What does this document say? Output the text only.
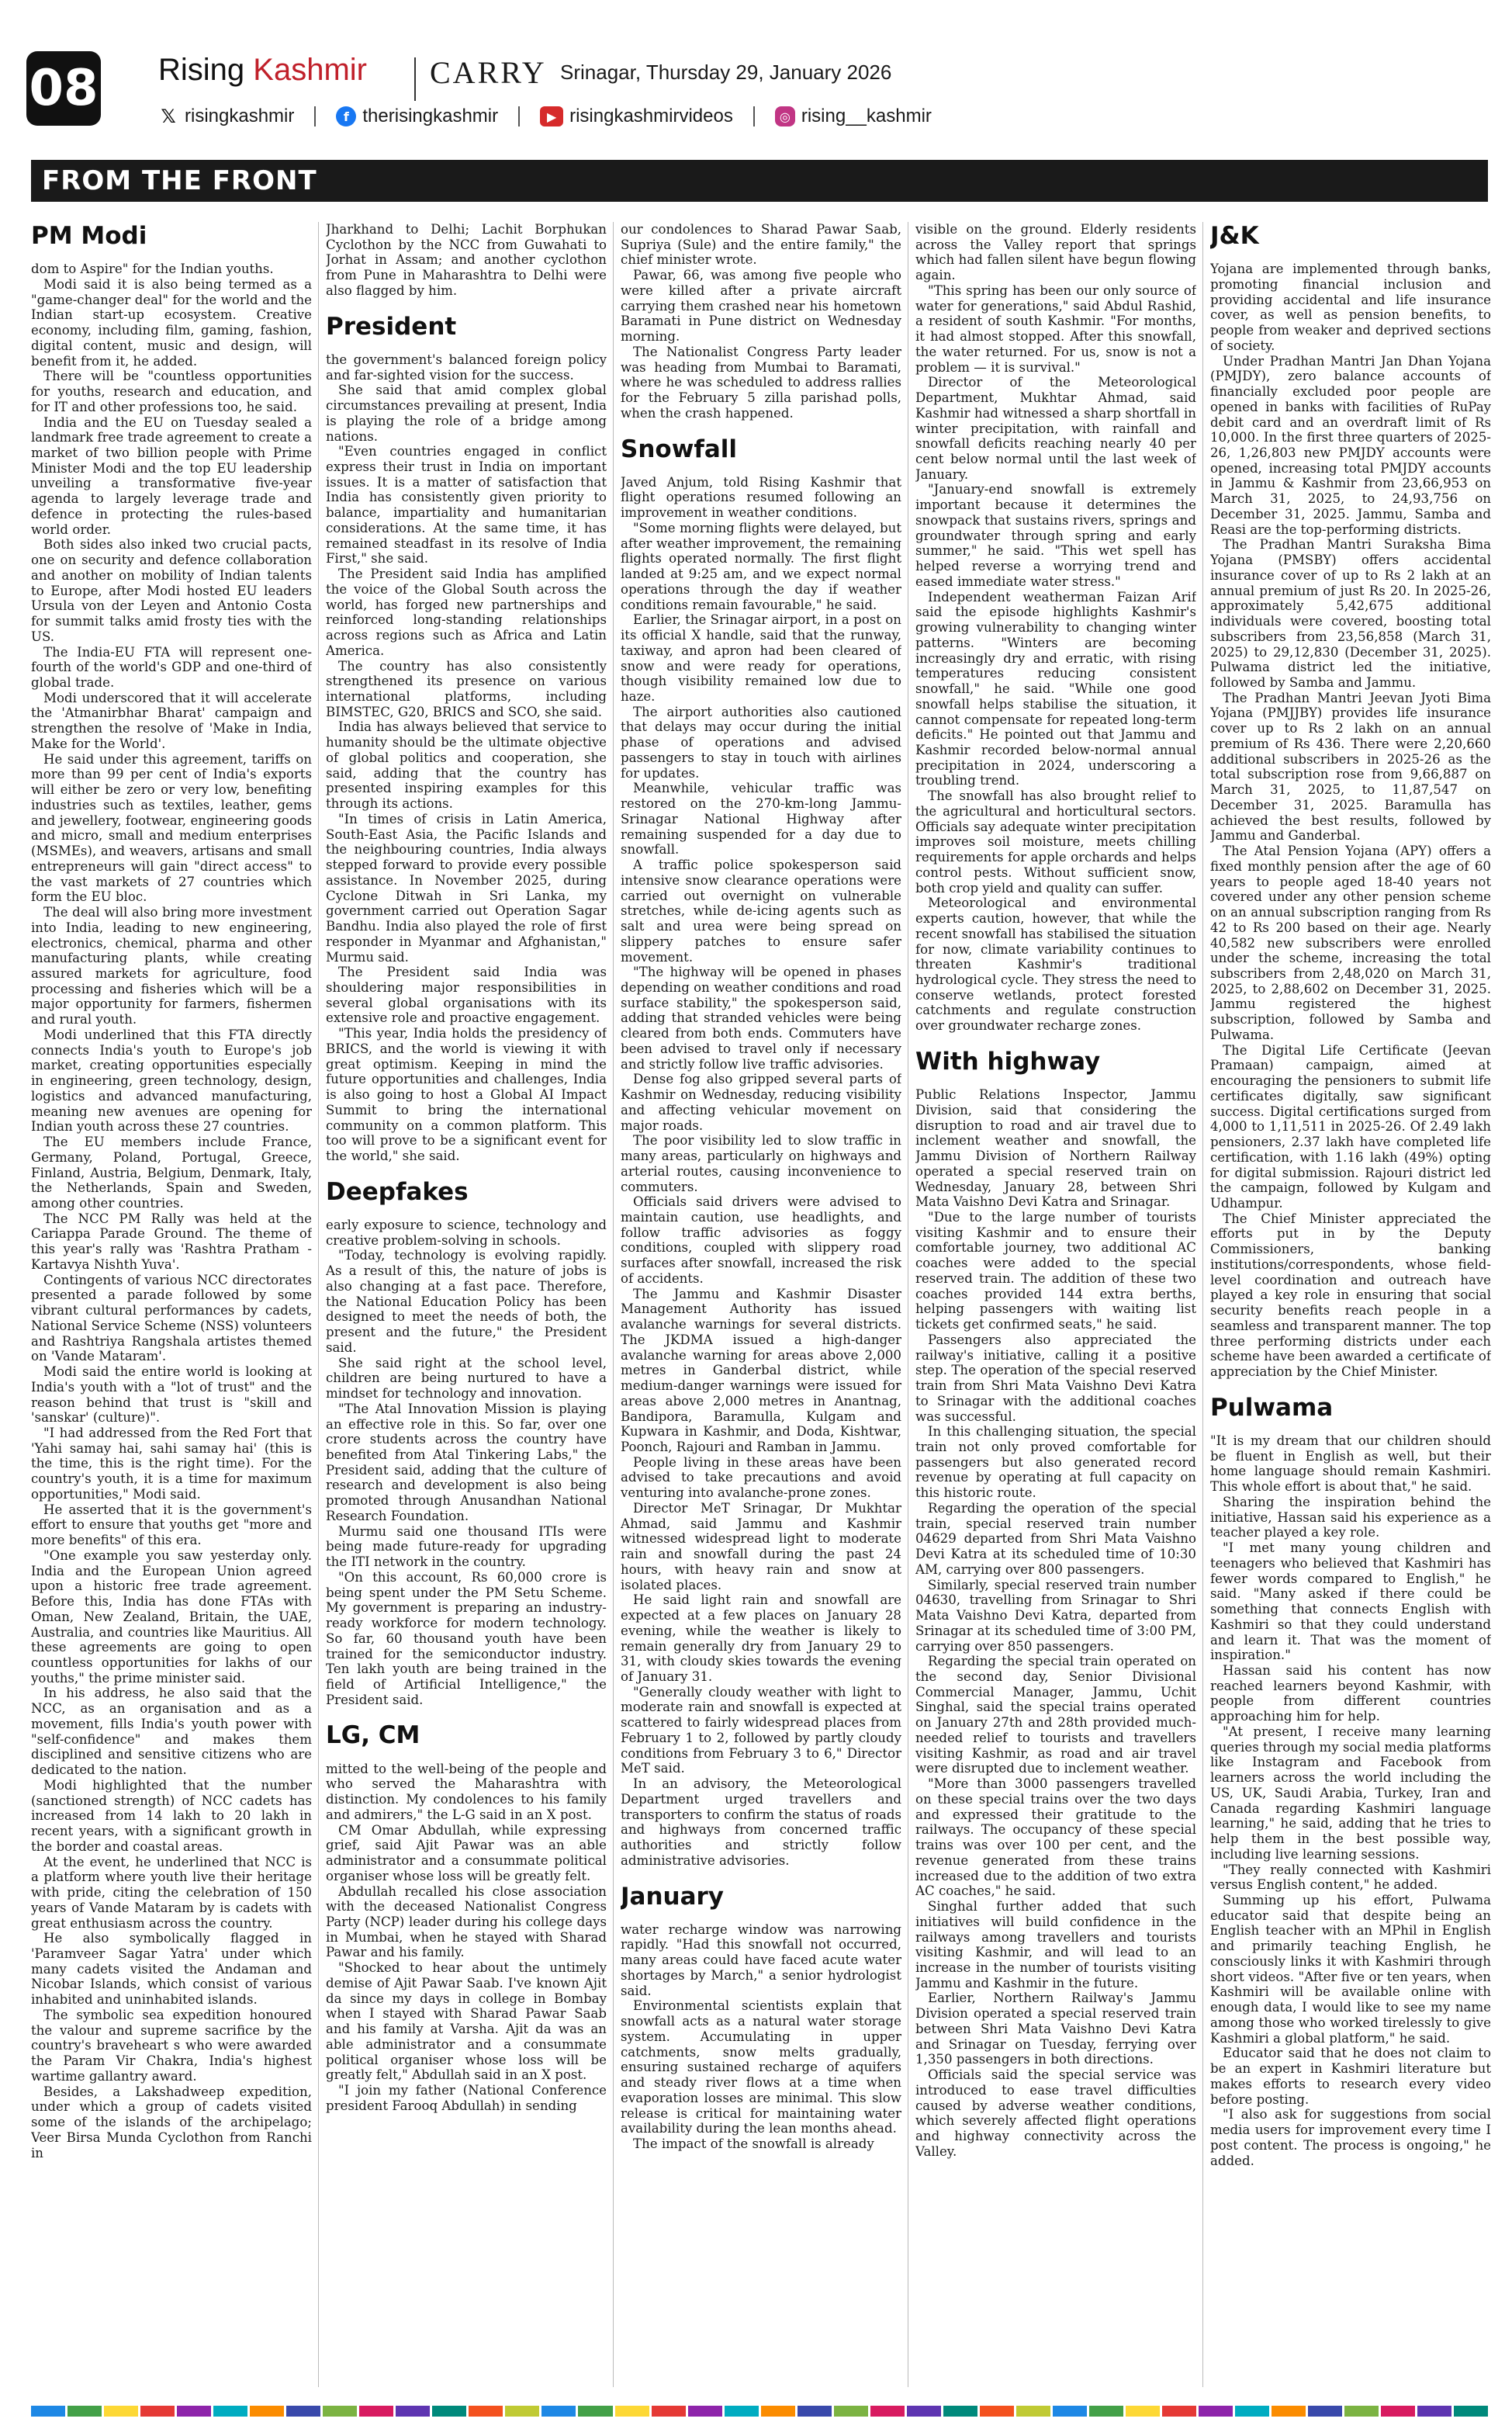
08 Rising Kashmir CARRY Srinagar, Thursday 29, January 2026
𝕏 risingkashmir	f therisingkashmir	▶ risingkashmirvideos	◎ rising__kashmir
FROM THE FRONT
PM Modi

dom to Aspire" for the Indian youths.

Modi said it is also being termed as a "game-changer deal" for the world and the Indian start-up ecosystem. Creative economy, including film, gaming, fashion, digital content, music and design, will benefit from it, he added.

There will be "countless opportunities for youths, research and education, and for IT and other professions too, he said.

India and the EU on Tuesday sealed a landmark free trade agreement to create a market of two billion people with Prime Minister Modi and the top EU leadership unveiling a transformative five-year agenda to largely leverage trade and defence in protecting the rules-based world order.

Both sides also inked two crucial pacts, one on security and defence collaboration and another on mobility of Indian talents to Europe, after Modi hosted EU leaders Ursula von der Leyen and Antonio Costa for summit talks amid frosty ties with the US.

The India-EU FTA will represent one-fourth of the world's GDP and one-third of global trade.

Modi underscored that it will accelerate the 'Atmanirbhar Bharat' campaign and strengthen the resolve of 'Make in India, Make for the World'.

He said under this agreement, tariffs on more than 99 per cent of India's exports will either be zero or very low, benefiting industries such as textiles, leather, gems and jewellery, footwear, engineering goods and micro, small and medium enterprises (MSMEs), and weavers, artisans and small entrepreneurs will gain "direct access" to the vast markets of 27 countries which form the EU bloc.

The deal will also bring more investment into India, leading to new engineering, electronics, chemical, pharma and other manufacturing plants, while creating assured markets for agriculture, food processing and fisheries which will be a major opportunity for farmers, fishermen and rural youth.

Modi underlined that this FTA directly connects India's youth to Europe's job market, creating opportunities especially in engineering, green technology, design, logistics and advanced manufacturing, meaning new avenues are opening for Indian youth across these 27 countries.

The EU members include France, Germany, Poland, Portugal, Greece, Finland, Austria, Belgium, Denmark, Italy, the Netherlands, Spain and Sweden, among other countries.

The NCC PM Rally was held at the Cariappa Parade Ground. The theme of this year's rally was 'Rashtra Pratham - Kartavya Nishth Yuva'.

Contingents of various NCC directorates presented a parade followed by some vibrant cultural performances by cadets, National Service Scheme (NSS) volunteers and Rashtriya Rangshala artistes themed on 'Vande Mataram'.

Modi said the entire world is looking at India's youth with a "lot of trust" and the reason behind that trust is "skill and 'sanskar' (culture)".

"I had addressed from the Red Fort that 'Yahi samay hai, sahi samay hai' (this is the time, this is the right time). For the country's youth, it is a time for maximum opportunities," Modi said.

He asserted that it is the government's effort to ensure that youths get "more and more benefits" of this era.

"One example you saw yesterday only. India and the European Union agreed upon a historic free trade agreement. Before this, India has done FTAs with Oman, New Zealand, Britain, the UAE, Australia, and countries like Mauritius. All these agreements are going to open countless opportunities for lakhs of our youths," the prime minister said.

In his address, he also said that the NCC, as an organisation and as a movement, fills India's youth power with "self-confidence" and makes them disciplined and sensitive citizens who are dedicated to the nation.

Modi highlighted that the number (sanctioned strength) of NCC cadets has increased from 14 lakh to 20 lakh in recent years, with a significant growth in the border and coastal areas.

At the event, he underlined that NCC is a platform where youth live their heritage with pride, citing the celebration of 150 years of Vande Mataram by is cadets with great enthusiasm across the country.

He also symbolically flagged in 'Paramveer Sagar Yatra' under which many cadets visited the Andaman and Nicobar Islands, which consist of various inhabited and uninhabited islands.

The symbolic sea expedition honoured the valour and supreme sacrifice by the country's braveheart s who were awarded the Param Vir Chakra, India's highest wartime gallantry award.

Besides, a Lakshadweep expedition, under which a group of cadets visited some of the islands of the archipelago; Veer Birsa Munda Cyclothon from Ranchi in

Jharkhand to Delhi; Lachit Borphukan Cyclothon by the NCC from Guwahati to Jorhat in Assam; and another cyclothon from Pune in Maharashtra to Delhi were also flagged by him.

President

the government's balanced foreign policy and far-sighted vision for the success.

She said that amid complex global circumstances prevailing at present, India is playing the role of a bridge among nations.

"Even countries engaged in conflict express their trust in India on important issues. It is a matter of satisfaction that India has consistently given priority to balance, impartiality and humanitarian considerations. At the same time, it has remained steadfast in its resolve of India First," she said.

The President said India has amplified the voice of the Global South across the world, has forged new partnerships and reinforced long-standing relationships across regions such as Africa and Latin America.

The country has also consistently strengthened its presence on various international platforms, including BIMSTEC, G20, BRICS and SCO, she said.

India has always believed that service to humanity should be the ultimate objective of global politics and cooperation, she said, adding that the country has presented inspiring examples for this through its actions.

"In times of crisis in Latin America, South-East Asia, the Pacific Islands and the neighbouring countries, India always stepped forward to provide every possible assistance. In November 2025, during Cyclone Ditwah in Sri Lanka, my government carried out Operation Sagar Bandhu. India also played the role of first responder in Myanmar and Afghanistan," Murmu said.

The President said India was shouldering major responsibilities in several global organisations with its extensive role and proactive engagement.

"This year, India holds the presidency of BRICS, and the world is viewing it with great optimism. Keeping in mind the future opportunities and challenges, India is also going to host a Global AI Impact Summit to bring the international community on a common platform. This too will prove to be a significant event for the world," she said.

Deepfakes

early exposure to science, technology and creative problem-solving in schools.

"Today, technology is evolving rapidly. As a result of this, the nature of jobs is also changing at a fast pace. Therefore, the National Education Policy has been designed to meet the needs of both, the present and the future," the President said.

She said right at the school level, children are being nurtured to have a mindset for technology and innovation.

"The Atal Innovation Mission is playing an effective role in this. So far, over one crore students across the country have benefited from Atal Tinkering Labs," the President said, adding that the culture of research and development is also being promoted through Anusandhan National Research Foundation.

Murmu said one thousand ITIs were being made future-ready for upgrading the ITI network in the country.

"On this account, Rs 60,000 crore is being spent under the PM Setu Scheme. My government is preparing an industry-ready workforce for modern technology. So far, 60 thousand youth have been trained for the semiconductor industry. Ten lakh youth are being trained in the field of Artificial Intelligence," the President said.

LG, CM

mitted to the well-being of the people and who served the Maharashtra with distinction. My condolences to his family and admirers," the L-G said in an X post.

CM Omar Abdullah, while expressing grief, said Ajit Pawar was an able administrator and a consummate political organiser whose loss will be greatly felt.

Abdullah recalled his close association with the deceased Nationalist Congress Party (NCP) leader during his college days in Mumbai, when he stayed with Sharad Pawar and his family.

"Shocked to hear about the untimely demise of Ajit Pawar Saab. I've known Ajit da since my days in college in Bombay when I stayed with Sharad Pawar Saab and his family at Varsha. Ajit da was an able administrator and a consummate political organiser whose loss will be greatly felt," Abdullah said in an X post.

"I join my father (National Conference president Farooq Abdullah) in sending

our condolences to Sharad Pawar Saab, Supriya (Sule) and the entire family," the chief minister wrote.

Pawar, 66, was among five people who were killed after a private aircraft carrying them crashed near his hometown Baramati in Pune district on Wednesday morning.

The Nationalist Congress Party leader was heading from Mumbai to Baramati, where he was scheduled to address rallies for the February 5 zilla parishad polls, when the crash happened.

Snowfall

Javed Anjum, told Rising Kashmir that flight operations resumed following an improvement in weather conditions.

"Some morning flights were delayed, but after weather improvement, the remaining flights operated normally. The first flight landed at 9:25 am, and we expect normal operations through the day if weather conditions remain favourable," he said.

Earlier, the Srinagar airport, in a post on its official X handle, said that the runway, taxiway, and apron had been cleared of snow and were ready for operations, though visibility remained low due to haze.

The airport authorities also cautioned that delays may occur during the initial phase of operations and advised passengers to stay in touch with airlines for updates.

Meanwhile, vehicular traffic was restored on the 270-km-long Jammu-Srinagar National Highway after remaining suspended for a day due to snowfall.

A traffic police spokesperson said intensive snow clearance operations were carried out overnight on vulnerable stretches, while de-icing agents such as salt and urea were being spread on slippery patches to ensure safer movement.

"The highway will be opened in phases depending on weather conditions and road surface stability," the spokesperson said, adding that stranded vehicles were being cleared from both ends. Commuters have been advised to travel only if necessary and strictly follow live traffic advisories.

Dense fog also gripped several parts of Kashmir on Wednesday, reducing visibility and affecting vehicular movement on major roads.

The poor visibility led to slow traffic in many areas, particularly on highways and arterial routes, causing inconvenience to commuters.

Officials said drivers were advised to maintain caution, use headlights, and follow traffic advisories as foggy conditions, coupled with slippery road surfaces after snowfall, increased the risk of accidents.

The Jammu and Kashmir Disaster Management Authority has issued avalanche warnings for several districts. The JKDMA issued a high-danger avalanche warning for areas above 2,000 metres in Ganderbal district, while medium-danger warnings were issued for areas above 2,000 metres in Anantnag, Bandipora, Baramulla, Kulgam and Kupwara in Kashmir, and Doda, Kishtwar, Poonch, Rajouri and Ramban in Jammu.

People living in these areas have been advised to take precautions and avoid venturing into avalanche-prone zones.

Director MeT Srinagar, Dr Mukhtar Ahmad, said Jammu and Kashmir witnessed widespread light to moderate rain and snowfall during the past 24 hours, with heavy rain and snow at isolated places.

He said light rain and snowfall are expected at a few places on January 28 evening, while the weather is likely to remain generally dry from January 29 to 31, with cloudy skies towards the evening of January 31.

"Generally cloudy weather with light to moderate rain and snowfall is expected at scattered to fairly widespread places from February 1 to 2, followed by partly cloudy conditions from February 3 to 6," Director MeT said.

In an advisory, the Meteorological Department urged travellers and transporters to confirm the status of roads and highways from concerned traffic authorities and strictly follow administrative advisories.

January

water recharge window was narrowing rapidly. "Had this snowfall not occurred, many areas could have faced acute water shortages by March," a senior hydrologist said.

Environmental scientists explain that snowfall acts as a natural water storage system. Accumulating in upper catchments, snow melts gradually, ensuring sustained recharge of aquifers and steady river flows at a time when evaporation losses are minimal. This slow release is critical for maintaining water availability during the lean months ahead.

The impact of the snowfall is already

visible on the ground. Elderly residents across the Valley report that springs which had fallen silent have begun flowing again.

"This spring has been our only source of water for generations," said Abdul Rashid, a resident of south Kashmir. "For months, it had almost stopped. After this snowfall, the water returned. For us, snow is not a problem — it is survival."

Director of the Meteorological Department, Mukhtar Ahmad, said Kashmir had witnessed a sharp shortfall in winter precipitation, with rainfall and snowfall deficits reaching nearly 40 per cent below normal until the last week of January.

"January-end snowfall is extremely important because it determines the snowpack that sustains rivers, springs and groundwater through spring and early summer," he said. "This wet spell has helped reverse a worrying trend and eased immediate water stress."

Independent weatherman Faizan Arif said the episode highlights Kashmir's growing vulnerability to changing winter patterns. "Winters are becoming increasingly dry and erratic, with rising temperatures reducing consistent snowfall," he said. "While one good snowfall helps stabilise the situation, it cannot compensate for repeated long-term deficits." He pointed out that Jammu and Kashmir recorded below-normal annual precipitation in 2024, underscoring a troubling trend.

The snowfall has also brought relief to the agricultural and horticultural sectors. Officials say adequate winter precipitation improves soil moisture, meets chilling requirements for apple orchards and helps control pests. Without sufficient snow, both crop yield and quality can suffer.

Meteorological and environmental experts caution, however, that while the recent snowfall has stabilised the situation for now, climate variability continues to threaten Kashmir's traditional hydrological cycle. They stress the need to conserve wetlands, protect forested catchments and regulate construction over groundwater recharge zones.

With highway

Public Relations Inspector, Jammu Division, said that considering the disruption to road and air travel due to inclement weather and snowfall, the Jammu Division of Northern Railway operated a special reserved train on Wednesday, January 28, between Shri Mata Vaishno Devi Katra and Srinagar.

"Due to the large number of tourists visiting Kashmir and to ensure their comfortable journey, two additional AC coaches were added to the special reserved train. The addition of these two coaches provided 144 extra berths, helping passengers with waiting list tickets get confirmed seats," he said.

Passengers also appreciated the railway's initiative, calling it a positive step. The operation of the special reserved train from Shri Mata Vaishno Devi Katra to Srinagar with the additional coaches was successful.

In this challenging situation, the special train not only proved comfortable for passengers but also generated record revenue by operating at full capacity on this historic route.

Regarding the operation of the special train, special reserved train number 04629 departed from Shri Mata Vaishno Devi Katra at its scheduled time of 10:30 AM, carrying over 800 passengers.

Similarly, special reserved train number 04630, travelling from Srinagar to Shri Mata Vaishno Devi Katra, departed from Srinagar at its scheduled time of 3:00 PM, carrying over 850 passengers.

Regarding the special train operated on the second day, Senior Divisional Commercial Manager, Jammu, Uchit Singhal, said the special trains operated on January 27th and 28th provided much-needed relief to tourists and travellers visiting Kashmir, as road and air travel were disrupted due to inclement weather.

"More than 3000 passengers travelled on these special trains over the two days and expressed their gratitude to the railways. The occupancy of these special trains was over 100 per cent, and the revenue generated from these trains increased due to the addition of two extra AC coaches," he said.

Singhal further added that such initiatives will build confidence in the railways among travellers and tourists visiting Kashmir, and will lead to an increase in the number of tourists visiting Jammu and Kashmir in the future.

Earlier, Northern Railway's Jammu Division operated a special reserved train between Shri Mata Vaishno Devi Katra and Srinagar on Tuesday, ferrying over 1,350 passengers in both directions.

Officials said the special service was introduced to ease travel difficulties caused by adverse weather conditions, which severely affected flight operations and highway connectivity across the Valley.

J&K

Yojana are implemented through banks, promoting financial inclusion and providing accidental and life insurance cover, as well as pension benefits, to people from weaker and deprived sections of society.

Under Pradhan Mantri Jan Dhan Yojana (PMJDY), zero balance accounts of financially excluded poor people are opened in banks with facilities of RuPay debit card and an overdraft limit of Rs 10,000. In the first three quarters of 2025-26, 1,26,803 new PMJDY accounts were opened, increasing total PMJDY accounts in Jammu & Kashmir from 23,66,953 on March 31, 2025, to 24,93,756 on December 31, 2025. Jammu, Samba and Reasi are the top-performing districts.

The Pradhan Mantri Suraksha Bima Yojana (PMSBY) offers accidental insurance cover of up to Rs 2 lakh at an annual premium of just Rs 20. In 2025-26, approximately 5,42,675 additional individuals were covered, boosting total subscribers from 23,56,858 (March 31, 2025) to 29,12,830 (December 31, 2025). Pulwama district led the initiative, followed by Samba and Jammu.

The Pradhan Mantri Jeevan Jyoti Bima Yojana (PMJJBY) provides life insurance cover up to Rs 2 lakh on an annual premium of Rs 436. There were 2,20,660 additional subscribers in 2025-26 as the total subscription rose from 9,66,887 on March 31, 2025, to 11,87,547 on December 31, 2025. Baramulla has achieved the best results, followed by Jammu and Ganderbal.

The Atal Pension Yojana (APY) offers a fixed monthly pension after the age of 60 years to people aged 18-40 years not covered under any other pension scheme on an annual subscription ranging from Rs 42 to Rs 200 based on their age. Nearly 40,582 new subscribers were enrolled under the scheme, increasing the total subscribers from 2,48,020 on March 31, 2025, to 2,88,602 on December 31, 2025. Jammu registered the highest subscription, followed by Samba and Pulwama.

The Digital Life Certificate (Jeevan Pramaan) campaign, aimed at encouraging the pensioners to submit life certificates digitally, saw significant success. Digital certifications surged from 4,000 to 1,11,511 in 2025-26. Of 2.49 lakh pensioners, 2.37 lakh have completed life certification, with 1.16 lakh (49%) opting for digital submission. Rajouri district led the campaign, followed by Kulgam and Udhampur.

The Chief Minister appreciated the efforts put in by the Deputy Commissioners, banking institutions/correspondents, whose field-level coordination and outreach have played a key role in ensuring that social security benefits reach people in a seamless and transparent manner. The top three performing districts under each scheme have been awarded a certificate of appreciation by the Chief Minister.

Pulwama

"It is my dream that our children should be fluent in English as well, but their home language should remain Kashmiri. This whole effort is about that," he said.

Sharing the inspiration behind the initiative, Hassan said his experience as a teacher played a key role.

"I met many young children and teenagers who believed that Kashmiri has fewer words compared to English," he said. "Many asked if there could be something that connects English with Kashmiri so that they could understand and learn it. That was the moment of inspiration."

Hassan said his content has now reached learners beyond Kashmir, with people from different countries approaching him for help.

"At present, I receive many learning queries through my social media platforms like Instagram and Facebook from learners across the world including the US, UK, Saudi Arabia, Turkey, Iran and Canada regarding Kashmiri language learning," he said, adding that he tries to help them in the best possible way, including live learning sessions.

"They really connected with Kashmiri versus English content," he added.

Summing up his effort, Pulwama educator said that despite being an English teacher with an MPhil in English and primarily teaching English, he consciously links it with Kashmiri through short videos. "After five or ten years, when Kashmiri will be available online with enough data, I would like to see my name among those who worked tirelessly to give Kashmiri a global platform," he said.

Educator said that he does not claim to be an expert in Kashmiri literature but makes efforts to research every video before posting.

"I also ask for suggestions from social media users for improvement every time I post content. The process is ongoing," he added.
